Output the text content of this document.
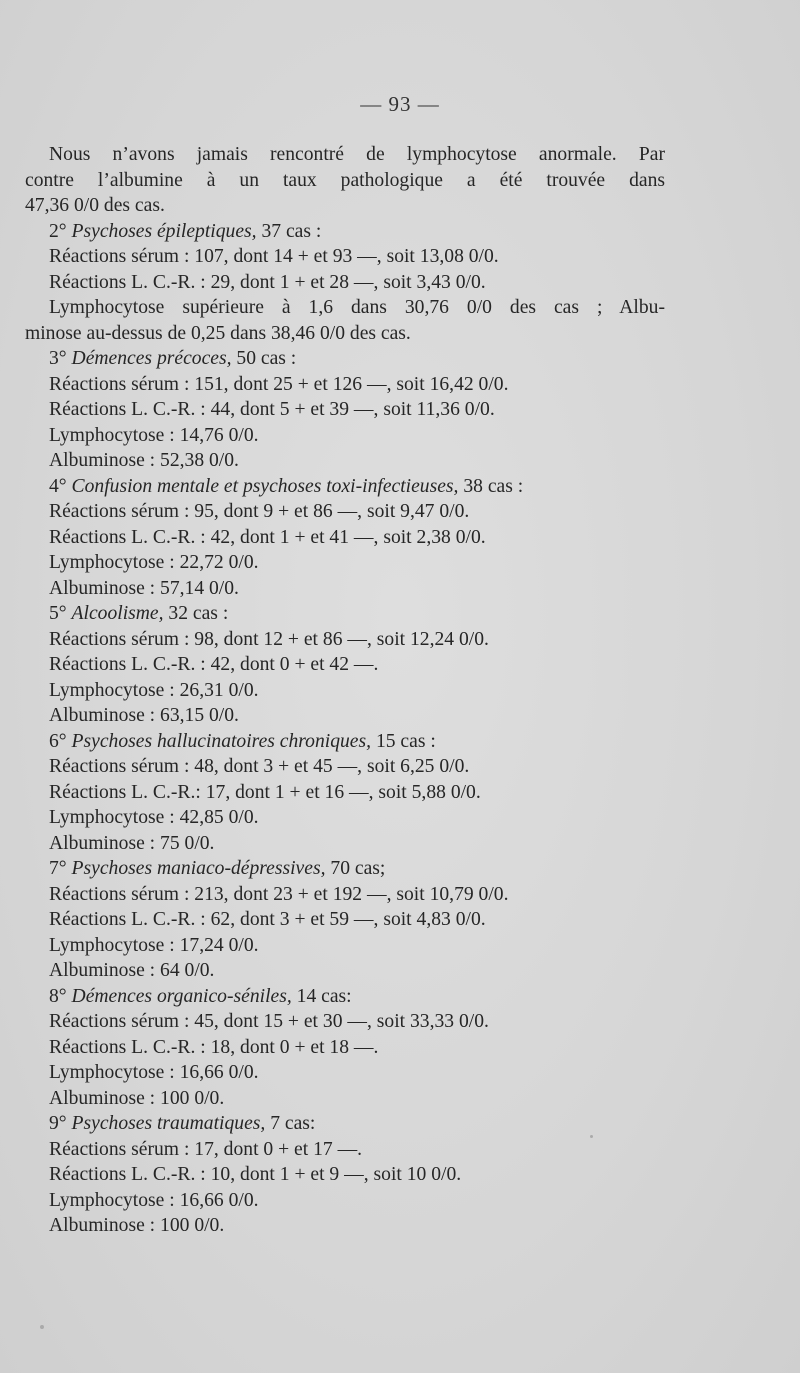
— 93 —
Nous n’avons jamais rencontré de lymphocytose anormale. Par
contre l’albumine à un taux pathologique a été trouvée dans
47,36 0/0 des cas.
2° Psychoses épileptiques, 37 cas :
Réactions sérum : 107, dont 14 + et 93 —, soit 13,08 0/0.
Réactions L. C.-R. : 29, dont 1 + et 28 —, soit 3,43 0/0.
Lymphocytose supérieure à 1,6 dans 30,76 0/0 des cas ; Albu-
minose au-dessus de 0,25 dans 38,46 0/0 des cas.
3° Démences précoces, 50 cas :
Réactions sérum : 151, dont 25 + et 126 —, soit 16,42 0/0.
Réactions L. C.-R. : 44, dont 5 + et 39 —, soit 11,36 0/0.
Lymphocytose : 14,76 0/0.
Albuminose : 52,38 0/0.
4° Confusion mentale et psychoses toxi-infectieuses, 38 cas :
Réactions sérum : 95, dont 9 + et 86 —, soit 9,47 0/0.
Réactions L. C.-R. : 42, dont 1 + et 41 —, soit 2,38 0/0.
Lymphocytose : 22,72 0/0.
Albuminose : 57,14 0/0.
5° Alcoolisme, 32 cas :
Réactions sérum : 98, dont 12 + et 86 —, soit 12,24 0/0.
Réactions L. C.-R. : 42, dont 0 + et 42 —.
Lymphocytose : 26,31 0/0.
Albuminose : 63,15 0/0.
6° Psychoses hallucinatoires chroniques, 15 cas :
Réactions sérum : 48, dont 3 + et 45 —, soit 6,25 0/0.
Réactions L. C.-R.: 17, dont 1 + et 16 —, soit 5,88 0/0.
Lymphocytose : 42,85 0/0.
Albuminose : 75 0/0.
7° Psychoses maniaco-dépressives, 70 cas;
Réactions sérum : 213, dont 23 + et 192 —, soit 10,79 0/0.
Réactions L. C.-R. : 62, dont 3 + et 59 —, soit 4,83 0/0.
Lymphocytose : 17,24 0/0.
Albuminose : 64 0/0.
8° Démences organico-séniles, 14 cas:
Réactions sérum : 45, dont 15 + et 30 —, soit 33,33 0/0.
Réactions L. C.-R. : 18, dont 0 + et 18 —.
Lymphocytose : 16,66 0/0.
Albuminose : 100 0/0.
9° Psychoses traumatiques, 7 cas:
Réactions sérum : 17, dont 0 + et 17 —.
Réactions L. C.-R. : 10, dont 1 + et 9 —, soit 10 0/0.
Lymphocytose : 16,66 0/0.
Albuminose : 100 0/0.
